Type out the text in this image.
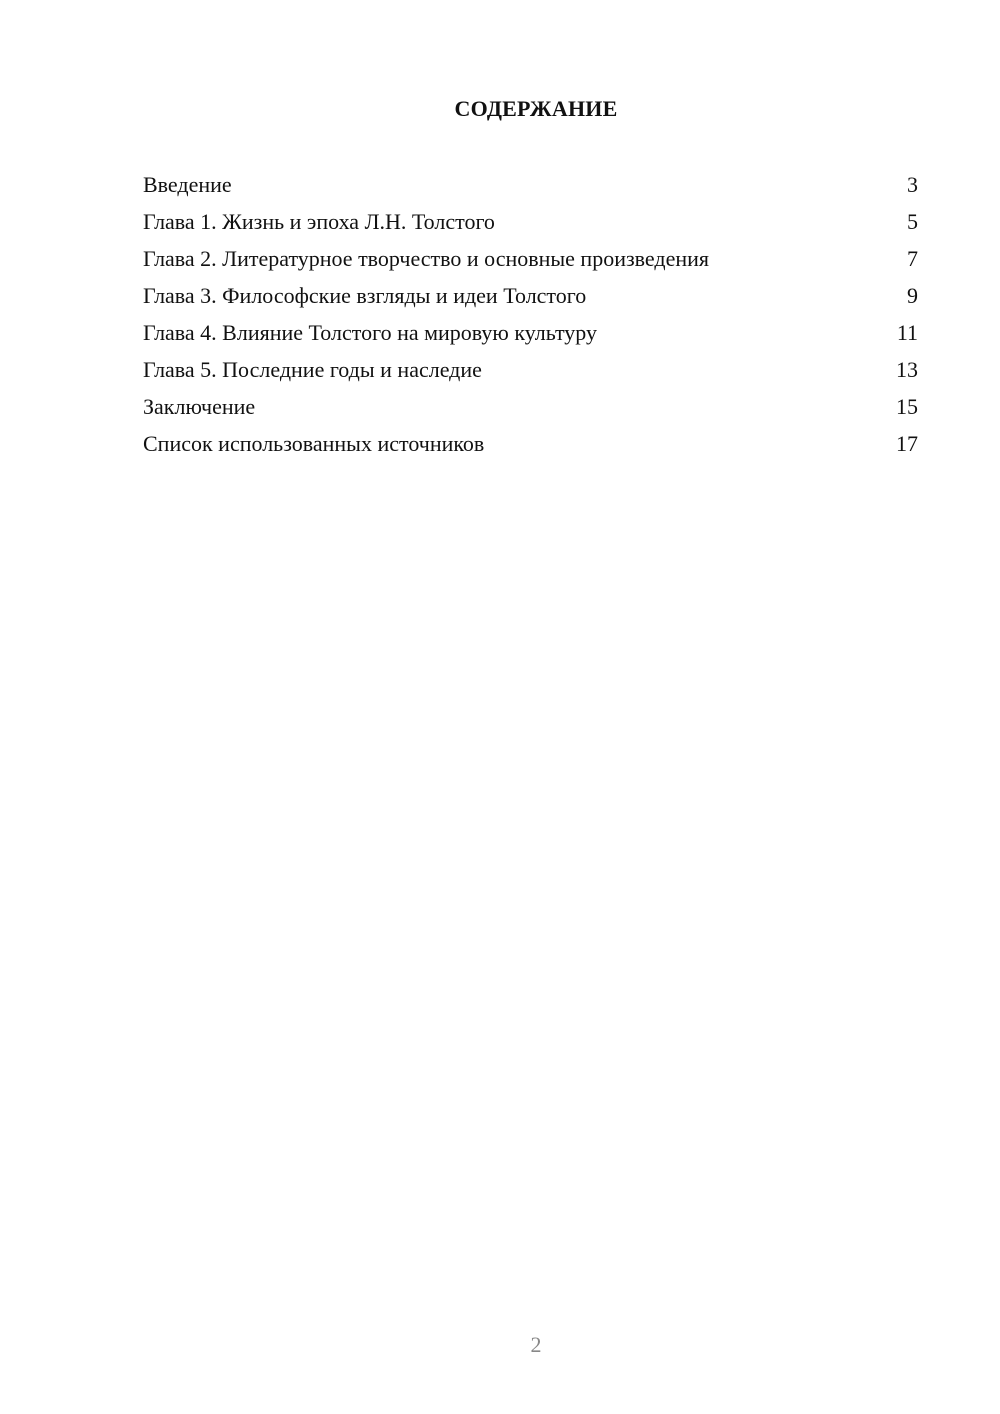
СОДЕРЖАНИЕ
Введение	3
Глава 1. Жизнь и эпоха Л.Н. Толстого	5
Глава 2. Литературное творчество и основные произведения	7
Глава 3. Философские взгляды и идеи Толстого	9
Глава 4. Влияние Толстого на мировую культуру	11
Глава 5. Последние годы и наследие	13
Заключение	15
Список использованных источников	17
2
